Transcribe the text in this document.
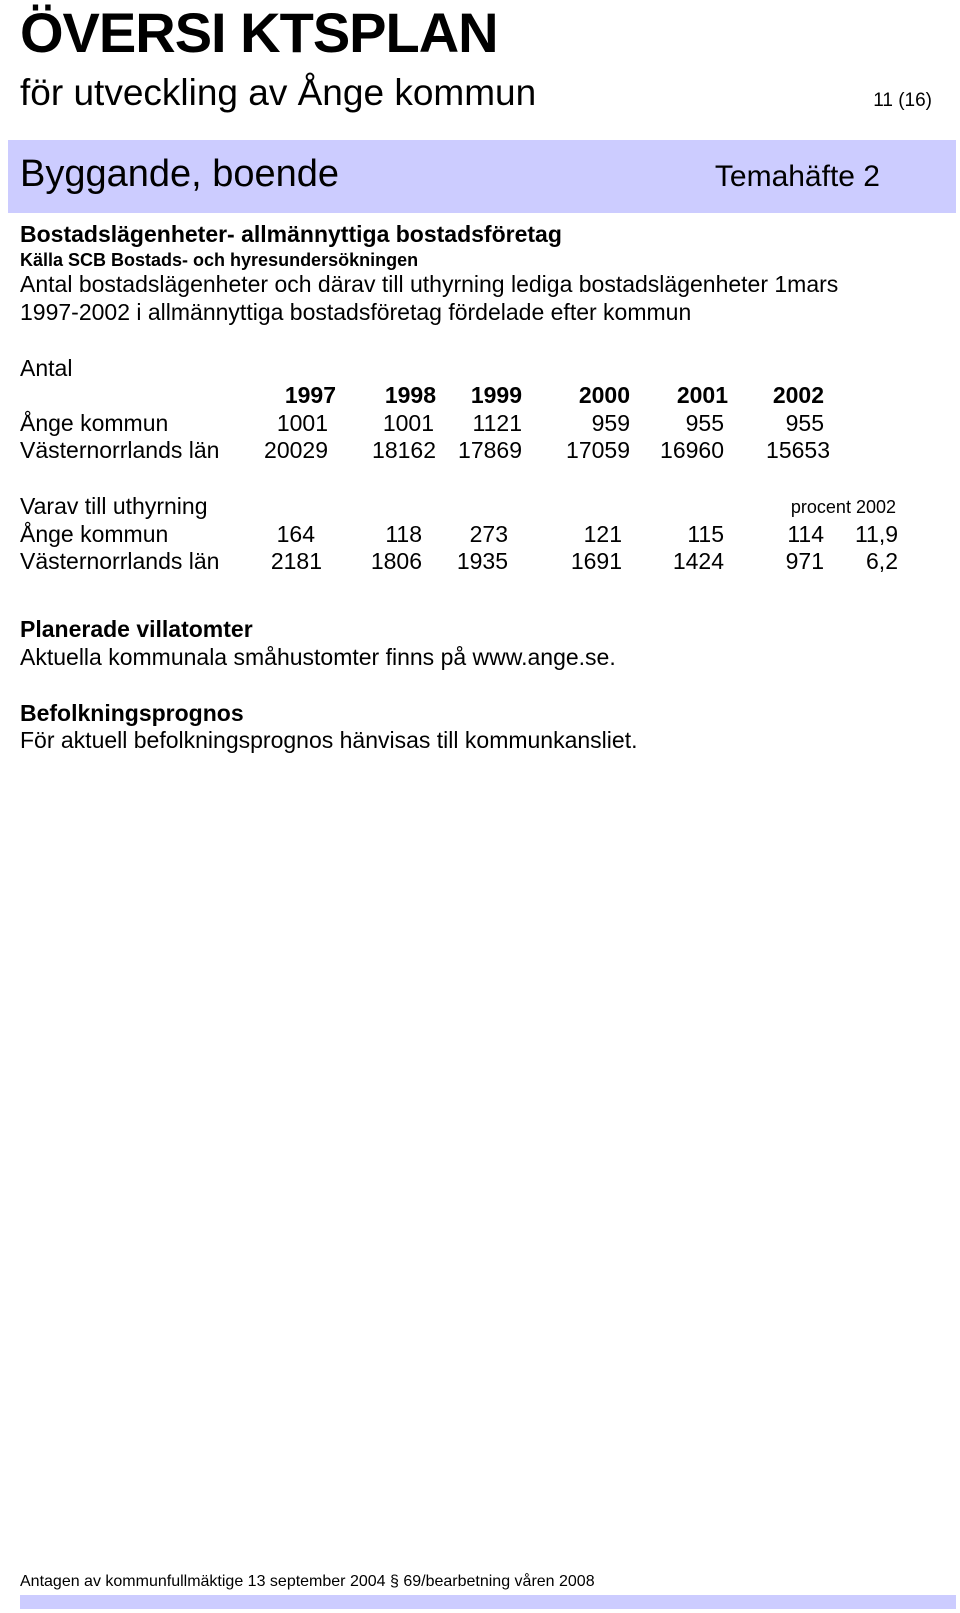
ÖVERSI KTSPLAN
för utveckling av Ånge kommun	11 (16)
Byggande, boende	Temahäfte 2
Bostadslägenheter- allmännyttiga bostadsföretag
Källa SCB Bostads- och hyresundersökningen
Antal bostadslägenheter och därav till uthyrning lediga bostadslägenheter 1mars
1997-2002 i allmännyttiga bostadsföretag fördelade efter kommun
Antal
1997 1998 1999 2000 2001 2002
Ånge kommun	1001 1001 1121	959 955	955
Västernorrlands län 20029 18162 17869 17059 16960 15653
Varav till uthyrning	procent 2002
Ånge kommun	164	118 273	121	115	114 11,9
Västernorrlands län 2181 1806 1935	1691 1424	971 6,2
Planerade villatomter
Aktuella kommunala småhustomter finns på www.ange.se.
Befolkningsprognos
För aktuell befolkningsprognos hänvisas till kommunkansliet.
Antagen av kommunfullmäktige 13 september 2004 § 69/bearbetning våren 2008
